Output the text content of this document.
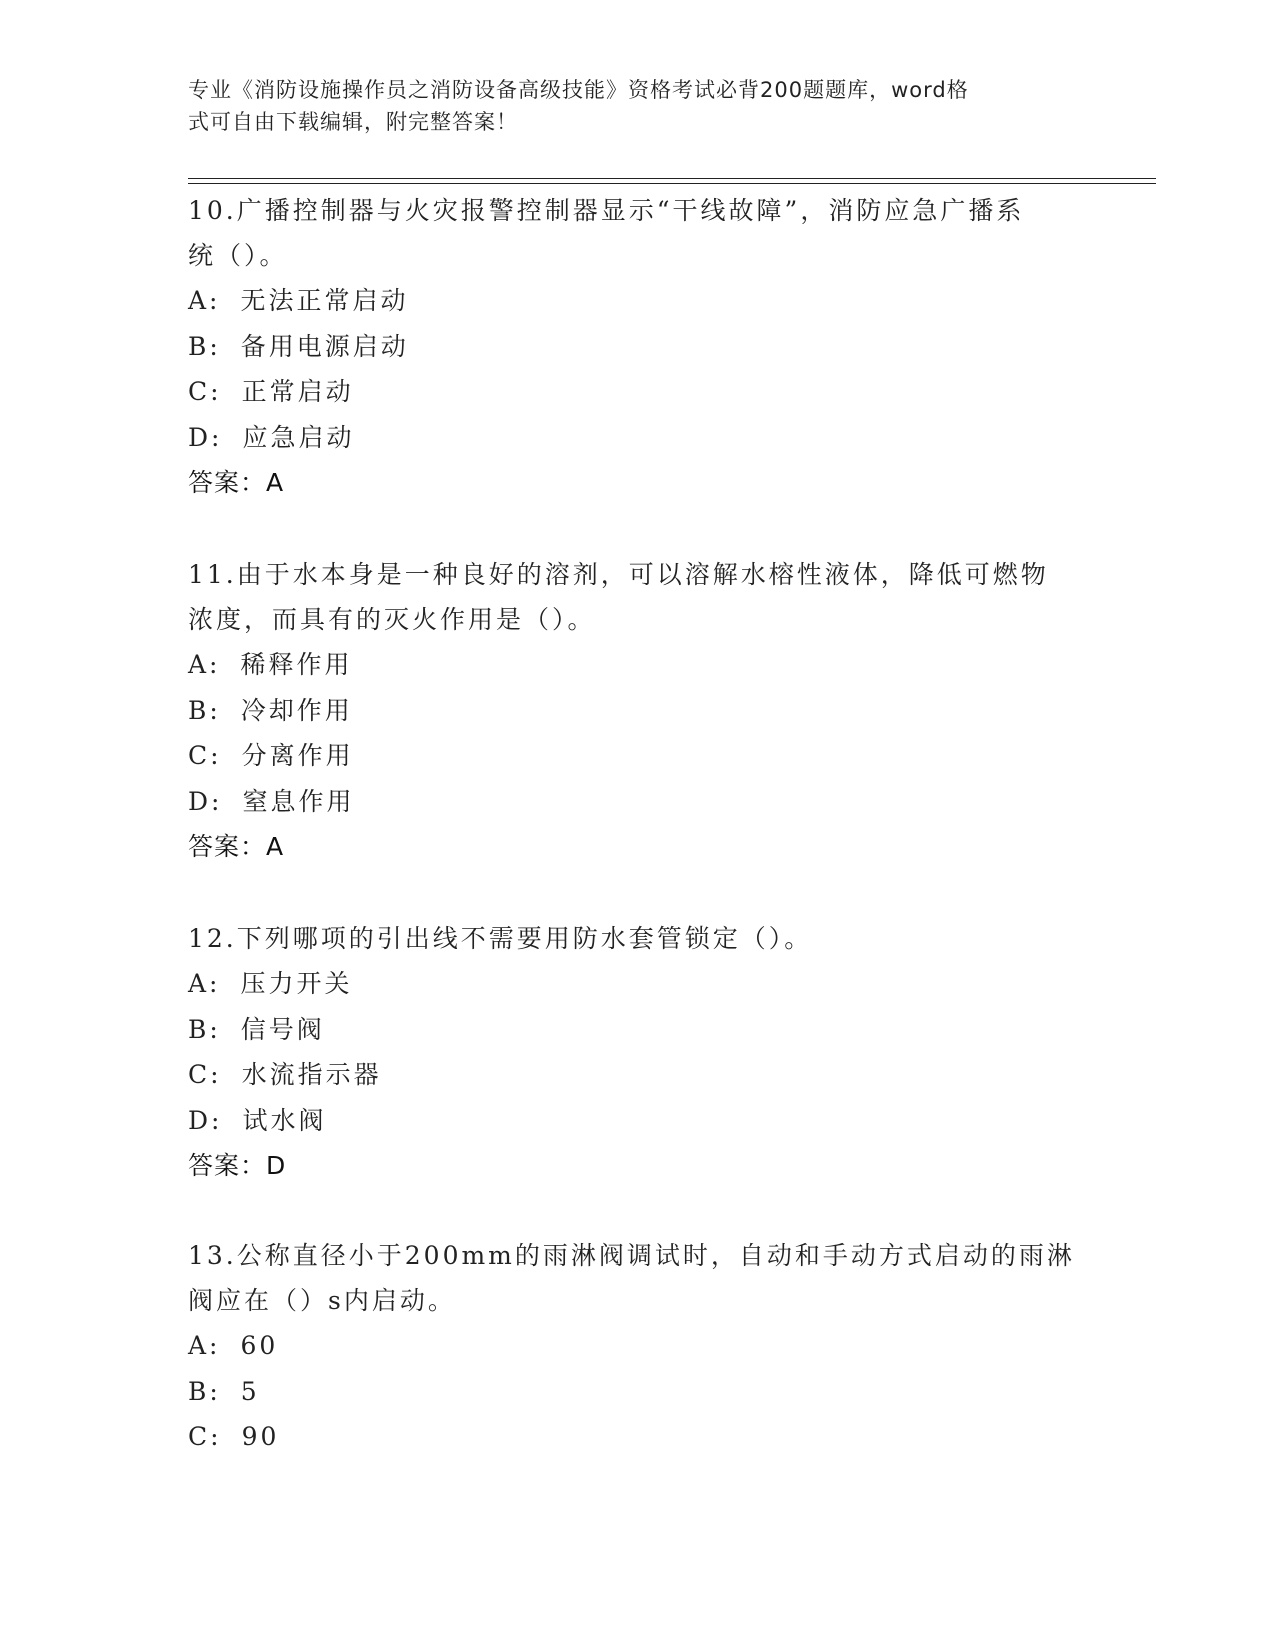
专业《消防设施操作员之消防设备高级技能》资格考试必背200题题库，word格
式可自由下载编辑，附完整答案！
10.广播控制器与火灾报警控制器显示“干线故障”，消防应急广播系
统（）。
A: 无法正常启动
B: 备用电源启动
C: 正常启动
D: 应急启动
答案：A
11.由于水本身是一种良好的溶剂，可以溶解水榕性液体，降低可燃物
浓度，而具有的灭火作用是（）。
A: 稀释作用
B: 冷却作用
C: 分离作用
D: 窒息作用
答案：A
12.下列哪项的引出线不需要用防水套管锁定（）。
A: 压力开关
B: 信号阀
C: 水流指示器
D: 试水阀
答案：D
13.公称直径小于200mm的雨淋阀调试时，自动和手动方式启动的雨淋
阀应在（）s内启动。
A: 60
B: 5
C: 90
